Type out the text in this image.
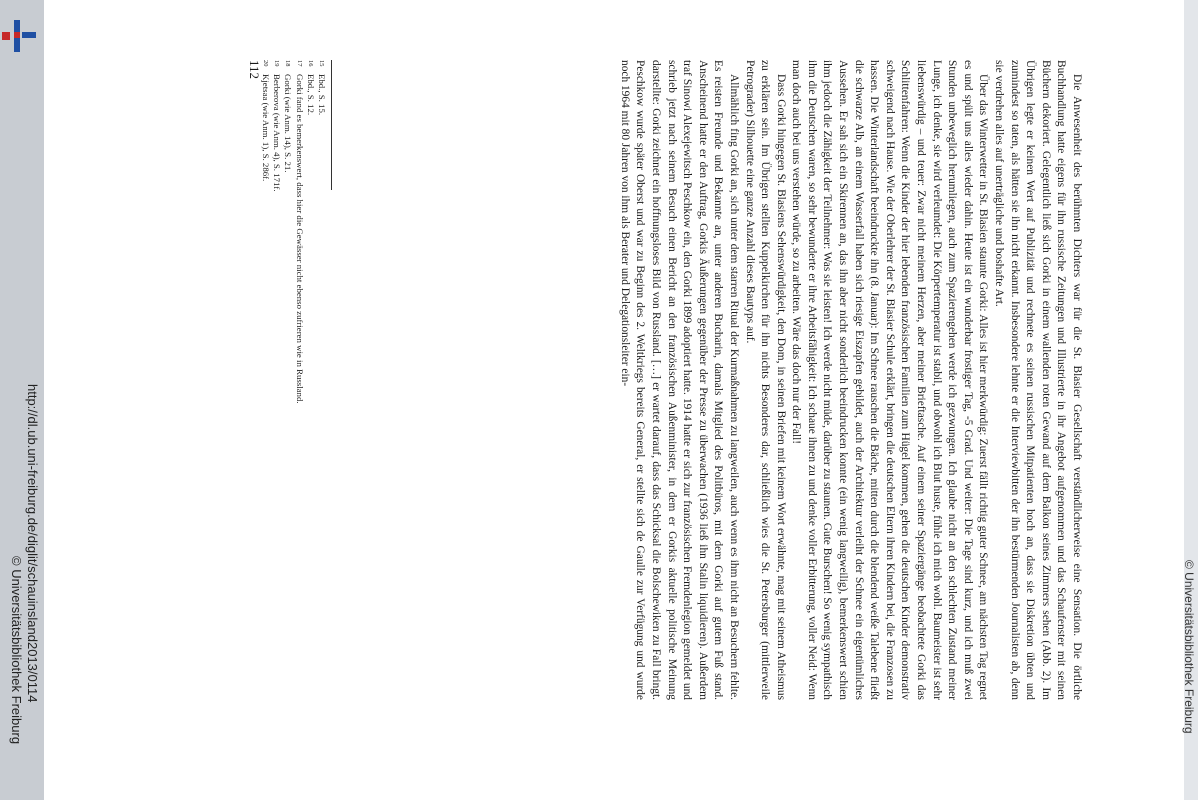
http://dl.ub.uni-freiburg.de/diglit/schauinsland2013/0114
© Universitätsbibliothek Freiburg	© Universitätsbibliothek Freiburg

Die Anwesenheit des berühmten Dichters war für die St. Blasier Gesellschaft verständlicherweise eine Sensation. Die örtliche Buchhandlung hatte eigens für ihn russische Zeitungen und Illustrierte in ihr Angebot aufgenommen und das Schaufenster mit seinen Büchern dekoriert. Gelegentlich ließ sich Gorki in einem wallenden roten Gewand auf dem Balkon seines Zimmers sehen (Abb. 2). Im Übrigen legte er keinen Wert auf Publizität und rechnete es seinen russischen Mitpatienten hoch an, dass sie Diskretion übten und zumindest so taten, als hätten sie ihn nicht erkannt. Insbesondere lehnte er die Interviewbitten der ihn bestürmenden Journalisten ab, denn sie verdrehen alles auf unerträgliche und boshafte Art.

Über das Winterwetter in St. Blasien staunte Gorki: Alles ist hier merkwürdig: Zuerst fällt richtig guter Schnee, am nächsten Tag regnet es und spült uns alles wieder dahin. Heute ist ein wunderbar frostiger Tag, -5 Grad. Und weiter: Die Tage sind kurz, und ich muß zwei Stunden unbeweglich herumliegen, auch zum Spazierengehen werde ich gezwungen. Ich glaube nicht an den schlechten Zustand meiner Lunge, ich denke, sie wird verleumdet: Die Körpertemperatur ist stabil, und obwohl ich Blut huste, fühle ich mich wohl. Baumeister ist sehr liebenswürdig – und teuer: Zwar nicht meinem Herzen, aber meiner Brieftasche. Auf einem seiner Spaziergänge beobachtete Gorki das Schlittenfahren: Wenn die Kinder der hier lebenden französischen Familien zum Hügel kommen, gehen die deutschen Kinder demonstrativ schweigend nach Hause. Wie der Oberlehrer der St. Blasier Schule erklärt, bringen die deutschen Eltern ihren Kindern bei, die Franzosen zu hassen. Die Winterlandschaft beeindruckte ihn (8. Januar): Im Schnee rauschen die Bäche, mitten durch die blendend weiße Talebene fließt die schwarze Alb, an einem Wasserfall haben sich riesige Eiszapfen gebildet, auch der Architektur verleiht der Schnee ein eigentümliches Aussehen. Er sah sich ein Skirennen an, das ihn aber nicht sonderlich beeindrucken konnte (ein wenig langweilig), bemerkenswert schien ihm jedoch die Zähigkeit der Teilnehmer: Was sie leisten! Ich werde nicht müde, darüber zu staunen. Gute Burschen! So wenig sympathisch ihm die Deutschen waren, so sehr bewunderte er ihre Arbeitsfähigkeit: Ich schaue ihnen zu und denke voller Erbitterung, voller Neid: Wenn man doch auch bei uns verstehen würde, so zu arbeiten. Wäre das doch nur der Fall!

Dass Gorki hingegen St. Blasiens Sehenswürdigkeit, den Dom, in seinen Briefen mit keinem Wort erwähnte, mag mit seinem Atheismus zu erklären sein. Im Übrigen stellten Kuppelkirchen für ihn nichts Besonderes dar, schließlich wies die St. Petersburger (mittlerweile Petrograder) Silhouette eine ganze Anzahl dieses Bautyps auf.

Allmählich fing Gorki an, sich unter dem starren Ritual der Kurmaßnahmen zu langweilen, auch wenn es ihm nicht an Besuchern fehlte. Es reisten Freunde und Bekannte an, unter anderen Bucharin, damals Mitglied des Politbüros, mit dem Gorki auf gutem Fuß stand. Anscheinend hatte er den Auftrag, Gorkis Äußerungen gegenüber der Presse zu überwachen (1936 ließ ihn Stalin liquidieren). Außerdem traf Sinowi Alexejewitsch Peschkow ein, den Gorki 1899 adoptiert hatte. 1914 hatte er sich zur französischen Fremdenlegion gemeldet und schrieb jetzt nach seinem Besuch einen Bericht an den französischen Außenminister, in dem er Gorkis aktuelle politische Meinung darstellte: Gorki zeichnet ein hoffnungsloses Bild von Russland. […] er wartet darauf, dass das Schicksal die Bolschewiken zu Fall bringt. Peschkow wurde später Oberst und war zu Beginn des 2. Weltkriegs bereits General, er stellte sich de Gaulle zur Verfügung und wurde noch 1964 mit 80 Jahren von ihm als Berater und Delegationsleiter ein-

15
Ebd., S. 15.
16
Ebd., S. 12.
17
Gorki fand es bemerkenswert, dass hier die Gewässer nicht ebenso zufrieren wie in Russland.
18
Gorki (wie Anm. 14), S. 21.
19
Berberova (wie Anm. 4), S. 171f.
20
Kjetsaa (wie Anm. 1), S. 286f.
112
